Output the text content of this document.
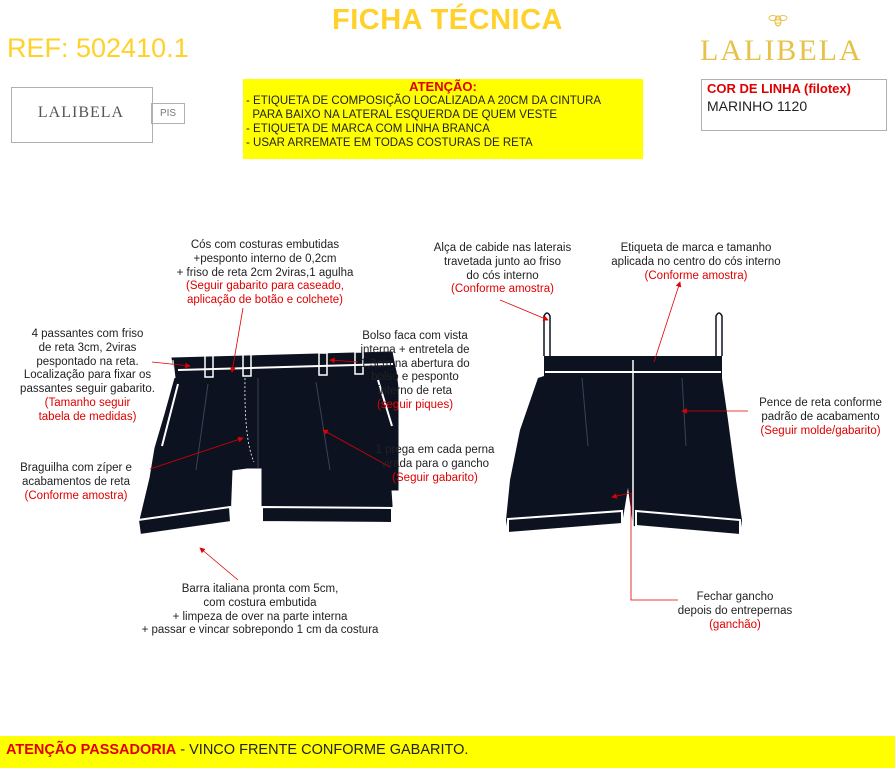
FICHA TÉCNICA
REF: 502410.1	LALIBELA
LALIBELA	PIS
ATENÇÃO:
- ETIQUETA DE COMPOSIÇÃO LOCALIZADA A 20CM DA CINTURA
PARA BAIXO NA LATERAL ESQUERDA DE QUEM VESTE
- ETIQUETA DE MARCA COM LINHA BRANCA
- USAR ARREMATE EM TODAS COSTURAS DE RETA
COR DE LINHA (filotex)
MARINHO 1120
Cós com costuras embutidas
+pesponto interno de 0,2cm
+ friso de reta 2cm 2viras,1 agulha
(Seguir gabarito para caseado,
aplicação de botão e colchete)
4 passantes com friso
de reta 3cm, 2viras
pespontado na reta.
Localização para fixar os
passantes seguir gabarito.
(Tamanho seguir
tabela de medidas)
Bolso faca com vista
interna + entretela de
1,3cm na abertura do
bolso e pesponto
interno de reta
(seguir piques)
Braguilha com zíper e
acabamentos de reta
(Conforme amostra)
1 prega em cada perna
virada para o gancho
(Seguir gabarito)
Barra italiana pronta com 5cm,
com costura embutida
+ limpeza de over na parte interna
+ passar e vincar sobrepondo 1 cm da costura
Alça de cabide nas laterais
travetada junto ao friso
do cós interno
(Conforme amostra)
Etiqueta de marca e tamanho
aplicada no centro do cós interno
(Conforme amostra)
Pence de reta conforme
padrão de acabamento
(Seguir molde/gabarito)
Fechar gancho
depois do entrepernas
(ganchão)
ATENÇÃO PASSADORIA - VINCO FRENTE CONFORME GABARITO.
